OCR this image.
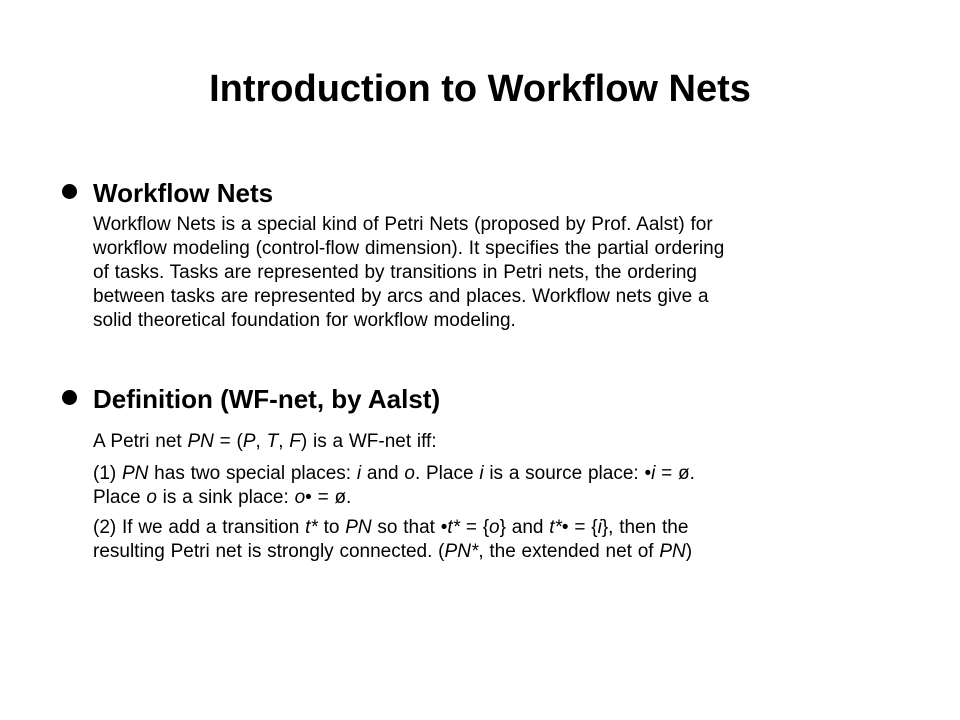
Introduction to Workflow Nets
Workflow Nets
Workflow Nets is a special kind of Petri Nets (proposed by Prof. Aalst) for
workflow modeling (control-flow dimension). It specifies the partial ordering
of tasks. Tasks are represented by transitions in Petri nets, the ordering
between tasks are represented by arcs and places. Workflow nets give a
solid theoretical foundation for workflow modeling.
Definition (WF-net, by Aalst)
A Petri net PN = (P, T, F) is a WF-net iff:
(1) PN has two special places: i and o. Place i is a source place: •i = ø.
Place o is a sink place: o• = ø.
(2) If we add a transition t* to PN so that •t* = {o} and t*• = {i}, then the
resulting Petri net is strongly connected. (PN*, the extended net of PN)
